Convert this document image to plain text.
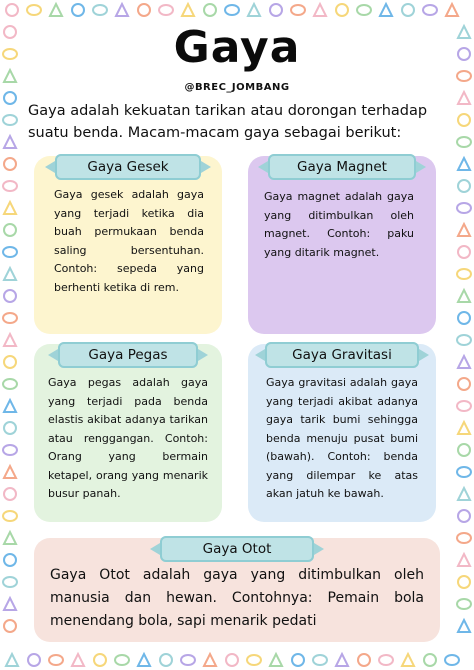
Gaya
@BREC_JOMBANG
Gaya adalah kekuatan tarikan atau dorongan terhadap suatu benda. Macam-macam gaya sebagai berikut:
Gaya Gesek
Gaya gesek adalah gaya yang terjadi ketika dia buah permukaan benda saling bersentuhan. Contoh: sepeda yang berhenti ketika di rem.
Gaya Magnet
Gaya magnet adalah gaya yang ditimbulkan oleh magnet. Contoh: paku yang ditarik magnet.
Gaya Pegas
Gaya pegas adalah gaya yang terjadi pada benda elastis akibat adanya tarikan atau renggangan. Contoh: Orang yang bermain ketapel, orang yang menarik busur panah.
Gaya Gravitasi
Gaya gravitasi adalah gaya yang terjadi akibat adanya gaya tarik bumi sehingga benda menuju pusat bumi (bawah). Contoh: benda yang dilempar ke atas akan jatuh ke bawah.
Gaya Otot
Gaya Otot adalah gaya yang ditimbulkan oleh manusia dan hewan. Contohnya: Pemain bola menendang bola, sapi menarik pedati
